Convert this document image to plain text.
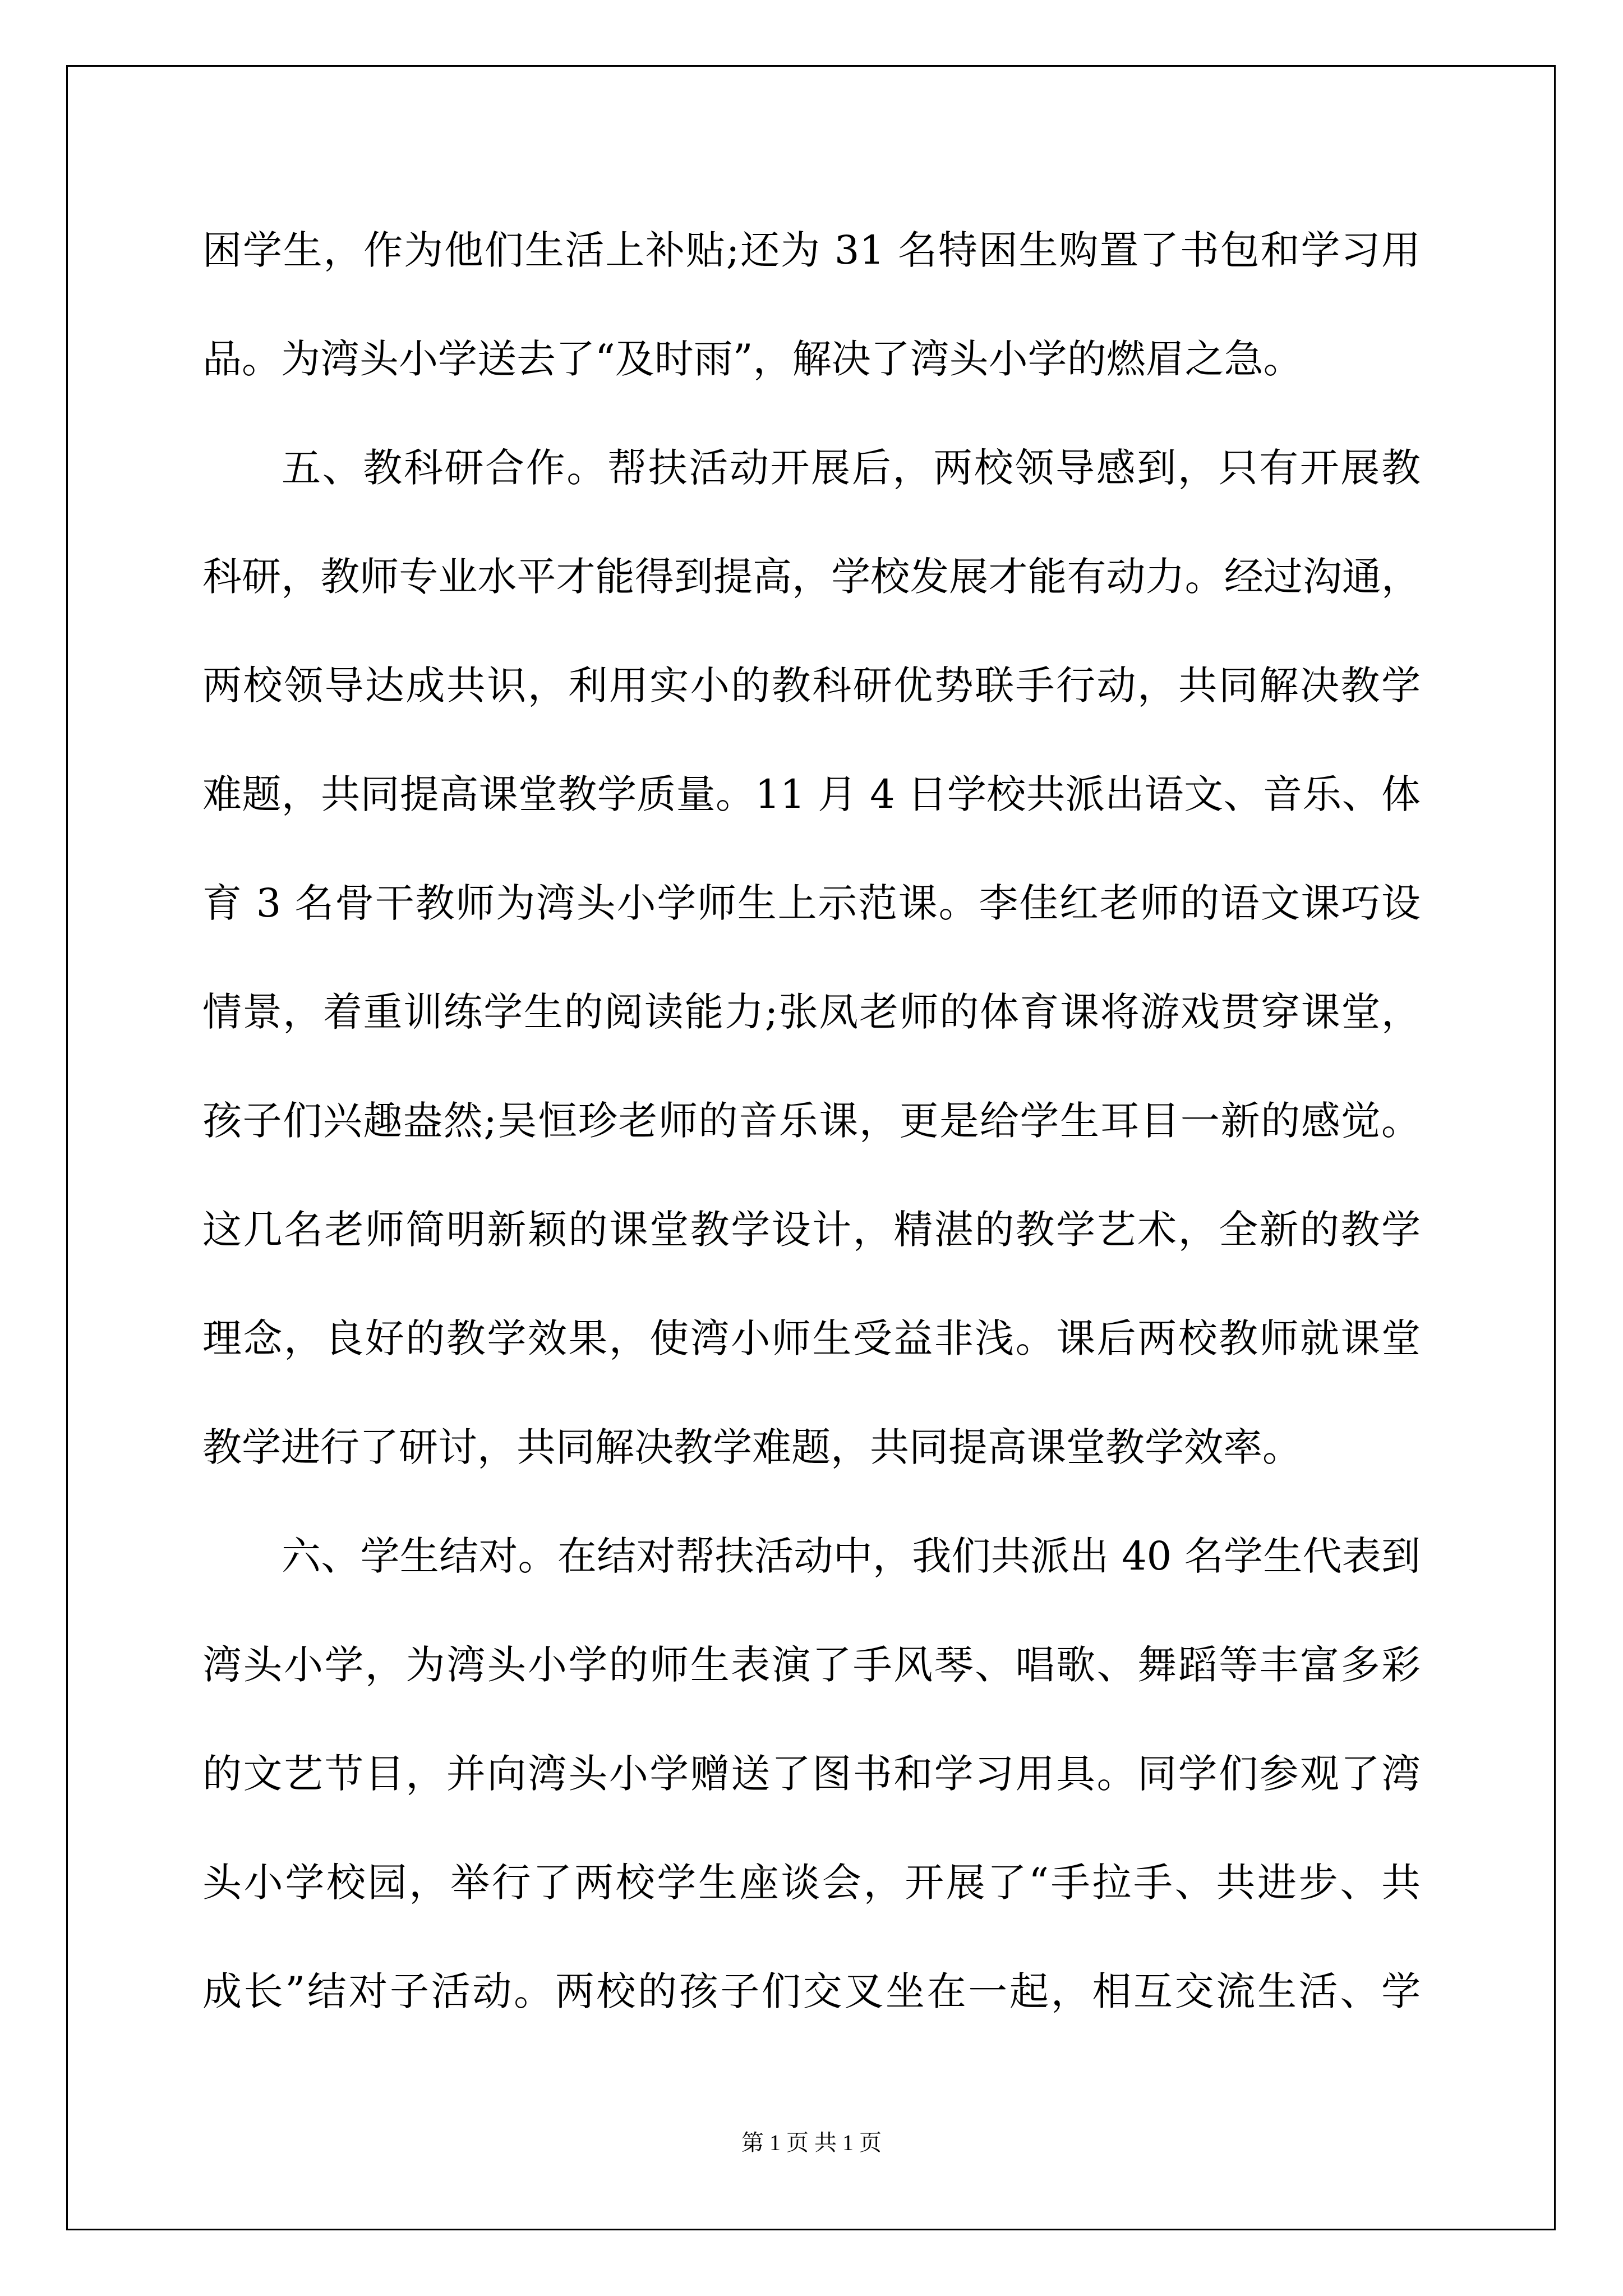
困学生，作为他们生活上补贴;还为 31 名特困生购置了书包和学习用
品。为湾头小学送去了“及时雨”，解决了湾头小学的燃眉之急。
五、教科研合作。帮扶活动开展后，两校领导感到，只有开展教
科研，教师专业水平才能得到提高，学校发展才能有动力。经过沟通，
两校领导达成共识，利用实小的教科研优势联手行动，共同解决教学
难题，共同提高课堂教学质量。11 月 4 日学校共派出语文、音乐、体
育 3 名骨干教师为湾头小学师生上示范课。李佳红老师的语文课巧设
情景，着重训练学生的阅读能力;张凤老师的体育课将游戏贯穿课堂，
孩子们兴趣盎然;吴恒珍老师的音乐课，更是给学生耳目一新的感觉。
这几名老师简明新颖的课堂教学设计，精湛的教学艺术，全新的教学
理念，良好的教学效果，使湾小师生受益非浅。课后两校教师就课堂
教学进行了研讨，共同解决教学难题，共同提高课堂教学效率。
六、学生结对。在结对帮扶活动中，我们共派出 40 名学生代表到
湾头小学，为湾头小学的师生表演了手风琴、唱歌、舞蹈等丰富多彩
的文艺节目，并向湾头小学赠送了图书和学习用具。同学们参观了湾
头小学校园，举行了两校学生座谈会，开展了“手拉手、共进步、共
成长”结对子活动。两校的孩子们交叉坐在一起，相互交流生活、学
第 1 页 共 1 页
